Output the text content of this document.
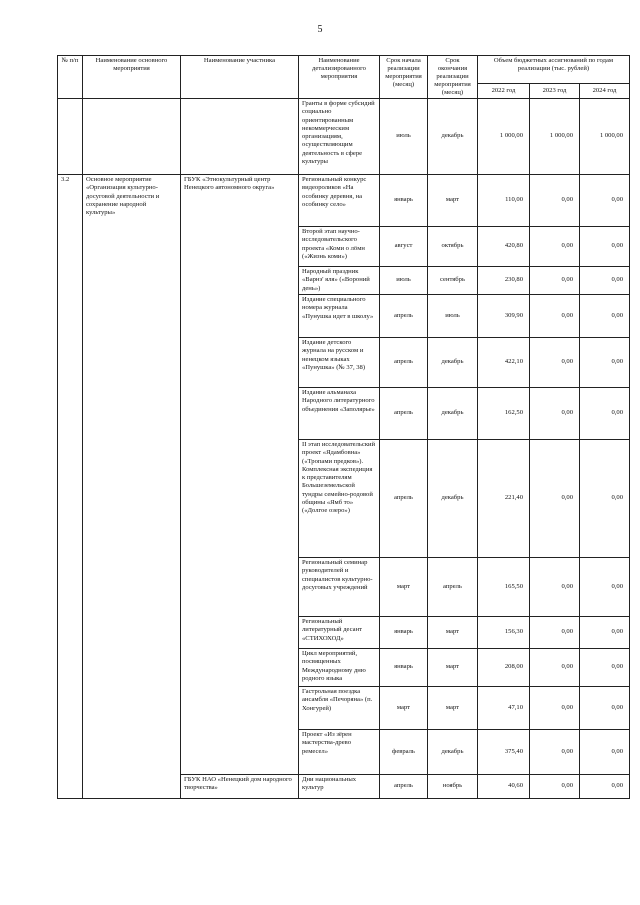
5
№ п/п	Наименование основного мероприятия	Наименование участника	Наименование детализированного мероприятия	Срок начала реализации мероприятия (месяц)	Срок окончания реализации мероприятия (месяц)	Объем бюджетных ассигнований по годам реализации (тыс. рублей)		
						2022 год	2023 год	2024 год
			Гранты в форме субсидий социально ориентированным некоммерческим организациям, осуществляющим деятельность в сфере культуры	июль	декабрь	1 000,00	1 000,00	1 000,00
3.2	Основное мероприятие «Организация культурно-досуговой деятельности и сохранение народной культуры»	ГБУК «Этнокультурный центр Ненецкого автономного округа»	Региональный конкурс видеороликов «На особинку деревня, на особинку село»	январь	март	110,00	0,00	0,00
			Второй этап научно-исследовательского проекта «Коми о лöмн («Жизнь коми»)	август	октябрь	420,80	0,00	0,00
			Народный праздник «Варнэ' яля» («Вороний день»)	июль	сентябрь	230,80	0,00	0,00
			Издание специального номера журнала «Пунушка идет в школу»	апрель	июль	309,90	0,00	0,00
			Издание детского журнала на русском и ненецком языках «Пунушка» (№ 37, 38)	апрель	декабрь	422,10	0,00	0,00
			Издание альманаха Народного литературного объединения «Заполярье»	апрель	декабрь	162,50	0,00	0,00
			II этап исследовательский проект «Ядамбовна» («Тропами предков»). Комплексная экспедиция к представителям Большеземельской тундры семейно-родовой общины «Ямб то» («Долгое озеро»)	апрель	декабрь	221,40	0,00	0,00
			Региональный семинар руководителей и специалистов культурно-досуговых учреждений	март	апрель	165,50	0,00	0,00
			Региональный литературный десант «СТИХОХОД»	январь	март	156,30	0,00	0,00
			Цикл мероприятий, посвященных Международному дню родного языка	январь	март	208,00	0,00	0,00
			Гастрольная поездка ансамбля «Печоряна» (п. Хонгурей)	март	март	47,10	0,00	0,00
			Проект «Из зёрен мастерства-древо ремесел»	февраль	декабрь	375,40	0,00	0,00
		ГБУК НАО «Ненецкий дом народного творчества»	Дни национальных культур	апрель	ноябрь	40,60	0,00	0,00
